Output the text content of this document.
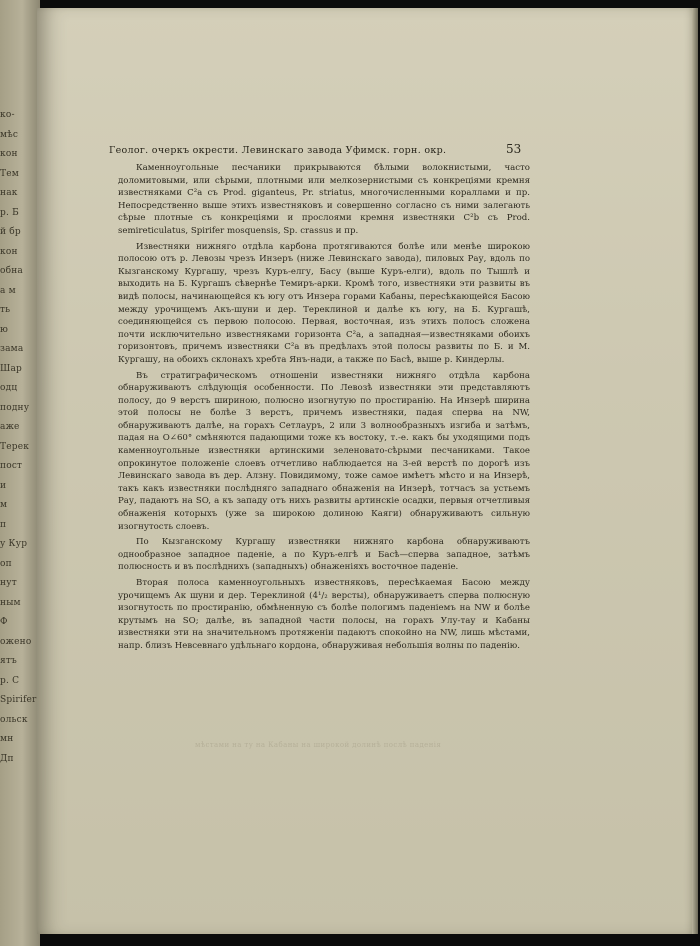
ко-
мѣс
кон
Тем
нак
р. Б
й бр
кон
обна
а м
ть
ю
зама
Шар
одц
подну
аже
Терек
пост
и
м
п
у Кур
оп
нут
ным
Ф
ожено
ятъ
p. С
Spirifer
ольск
мн
Дп
Геолог. очеркъ окрести. Левинскаго завода Уфимск. горн. окр.	53

Каменноугольные песчаники прикрываются бѣлыми волокнистыми, часто доломитовыми, или сѣрыми, плотными или мелкозернистыми съ конкреціями кремня известняками C²a съ Prod. giganteus, Pr. striatus, многочисленными кораллами и пр. Непосредственно выше этихъ известняковъ и совершенно согласно съ ними залегають сѣрые плотные съ конкреціями и прослоями кремня известняки C²b съ Prod. semireticulatus, Spirifer mosquensis, Sp. crassus и пр.

Известняки нижняго отдѣла карбона протягиваются болѣе или менѣе широкою полосою отъ р. Левозы чрезъ Инзеръ (ниже Левинскаго завода), пиловых Рау, вдоль по Кызганскому Кургашу, чрезъ Куръ-елгу, Басу (выше Куръ-елги), вдоль по Тышлѣ и выходить на Б. Кургашъ сѣвернѣе Темиръ-арки. Кромѣ того, известняки эти развиты въ видѣ полосы, начинающейся къ югу отъ Инзера горами Кабаны, пересѣкающейся Басою между урочищемъ Акъ-шуни и дер. Тереклиной и далѣе къ югу, на Б. Кургашѣ, соединяющейся съ первою полосою. Первая, восточная, изъ этихъ полосъ сложена почти исключительно известняками горизонта C²a, а западная—известняками обоихъ горизонтовъ, причемъ известняки C²a въ предѣлахъ этой полосы развиты по Б. и М. Кургашу, на обоихъ склонахъ хребта Янъ-нади, а также по Басѣ, выше р. Киндерлы.

Въ стратиграфическомъ отношеніи известняки нижняго отдѣла карбона обнаруживаютъ слѣдующія особенности. По Левозѣ известняки эти представляютъ полосу, до 9 верстъ шириною, полюсно изогнутую по простиранію. На Инзерѣ ширина этой полосы не болѣе 3 верстъ, причемъ известняки, падая сперва на NW, обнаруживаютъ далѣе, на горахъ Сетлауръ, 2 или 3 волнообразныхъ изгиба и затѣмъ, падая на O∠60° смѣняются падающими тоже къ востоку, т.-е. какъ бы уходящими подъ каменноугольные известняки артинскими зеленовато-сѣрыми песчаниками. Такое опрокинутое положеніе слоевъ отчетливо наблюдается на 3-ей верстѣ по дорогѣ изъ Левинскаго завода въ дер. Алзну. Повидимому, тоже самое имѣетъ мѣсто и на Инзерѣ, такъ какъ известняки послѣдняго западнаго обнаженія на Инзерѣ, тотчасъ за устьемъ Рау, падаютъ на SO, а къ западу отъ нихъ развиты артинскіе осадки, первыя отчетливыя обнаженія которыхъ (уже за широкою долиною Каяги) обнаруживаютъ сильную изогнутость слоевъ.

По Кызганскому Кургашу известняки нижняго карбона обнаруживаютъ однообразное западное паденіе, а по Куръ-елгѣ и Басѣ—сперва западное, затѣмъ полюсность и въ послѣднихъ (западныхъ) обнаженіяхъ восточное паденіе.

Вторая полоса каменноугольныхъ известняковъ, пересѣкаемая Басою между урочищемъ Ак шуни и дер. Тереклиной (4¹/₂ версты), обнаруживаетъ сперва полюсную изогнутость по простиранію, обмѣненную съ болѣе пологимъ паденіемъ на NW и болѣе крутымъ на SO; далѣе, въ западной части полосы, на горахъ Улу-тау и Кабаны известняки эти на значительномъ протяженіи падаютъ спокойно на NW, лишь мѣстами, напр. близъ Невсевнаго удѣльнаго кордона, обнаруживая небольшія волны по паденію.

мѣстами на ту на Кабаны на широкой долинѣ послѣ паденія
